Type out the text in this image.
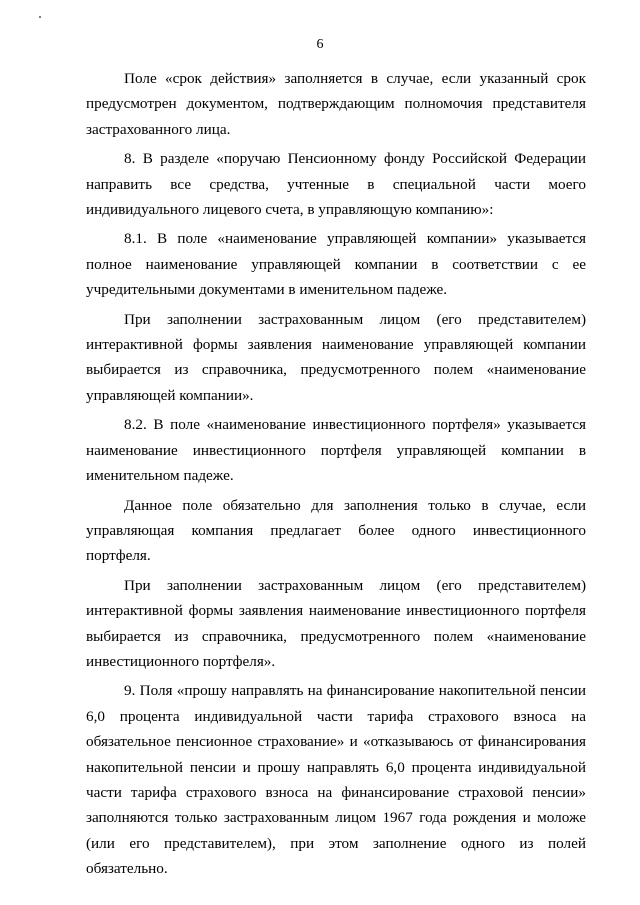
6

Поле «срок действия» заполняется в случае, если указанный срок предусмотрен документом, подтверждающим полномочия представителя застрахованного лица.

8. В разделе «поручаю Пенсионному фонду Российской Федерации направить все средства, учтенные в специальной части моего индивидуального лицевого счета, в управляющую компанию»:

8.1. В поле «наименование управляющей компании» указывается полное наименование управляющей компании в соответствии с ее учредительными документами в именительном падеже.

При заполнении застрахованным лицом (его представителем) интерактивной формы заявления наименование управляющей компании выбирается из справочника, предусмотренного полем «наименование управляющей компании».

8.2. В поле «наименование инвестиционного портфеля» указывается наименование инвестиционного портфеля управляющей компании в именительном падеже.

Данное поле обязательно для заполнения только в случае, если управляющая компания предлагает более одного инвестиционного портфеля.

При заполнении застрахованным лицом (его представителем) интерактивной формы заявления наименование инвестиционного портфеля выбирается из справочника, предусмотренного полем «наименование инвестиционного портфеля».

9. Поля «прошу направлять на финансирование накопительной пенсии 6,0 процента индивидуальной части тарифа страхового взноса на обязательное пенсионное страхование» и «отказываюсь от финансирования накопительной пенсии и прошу направлять 6,0 процента индивидуальной части тарифа страхового взноса на финансирование страховой пенсии» заполняются только застрахованным лицом 1967 года рождения и моложе (или его представителем), при этом заполнение одного из полей обязательно.
